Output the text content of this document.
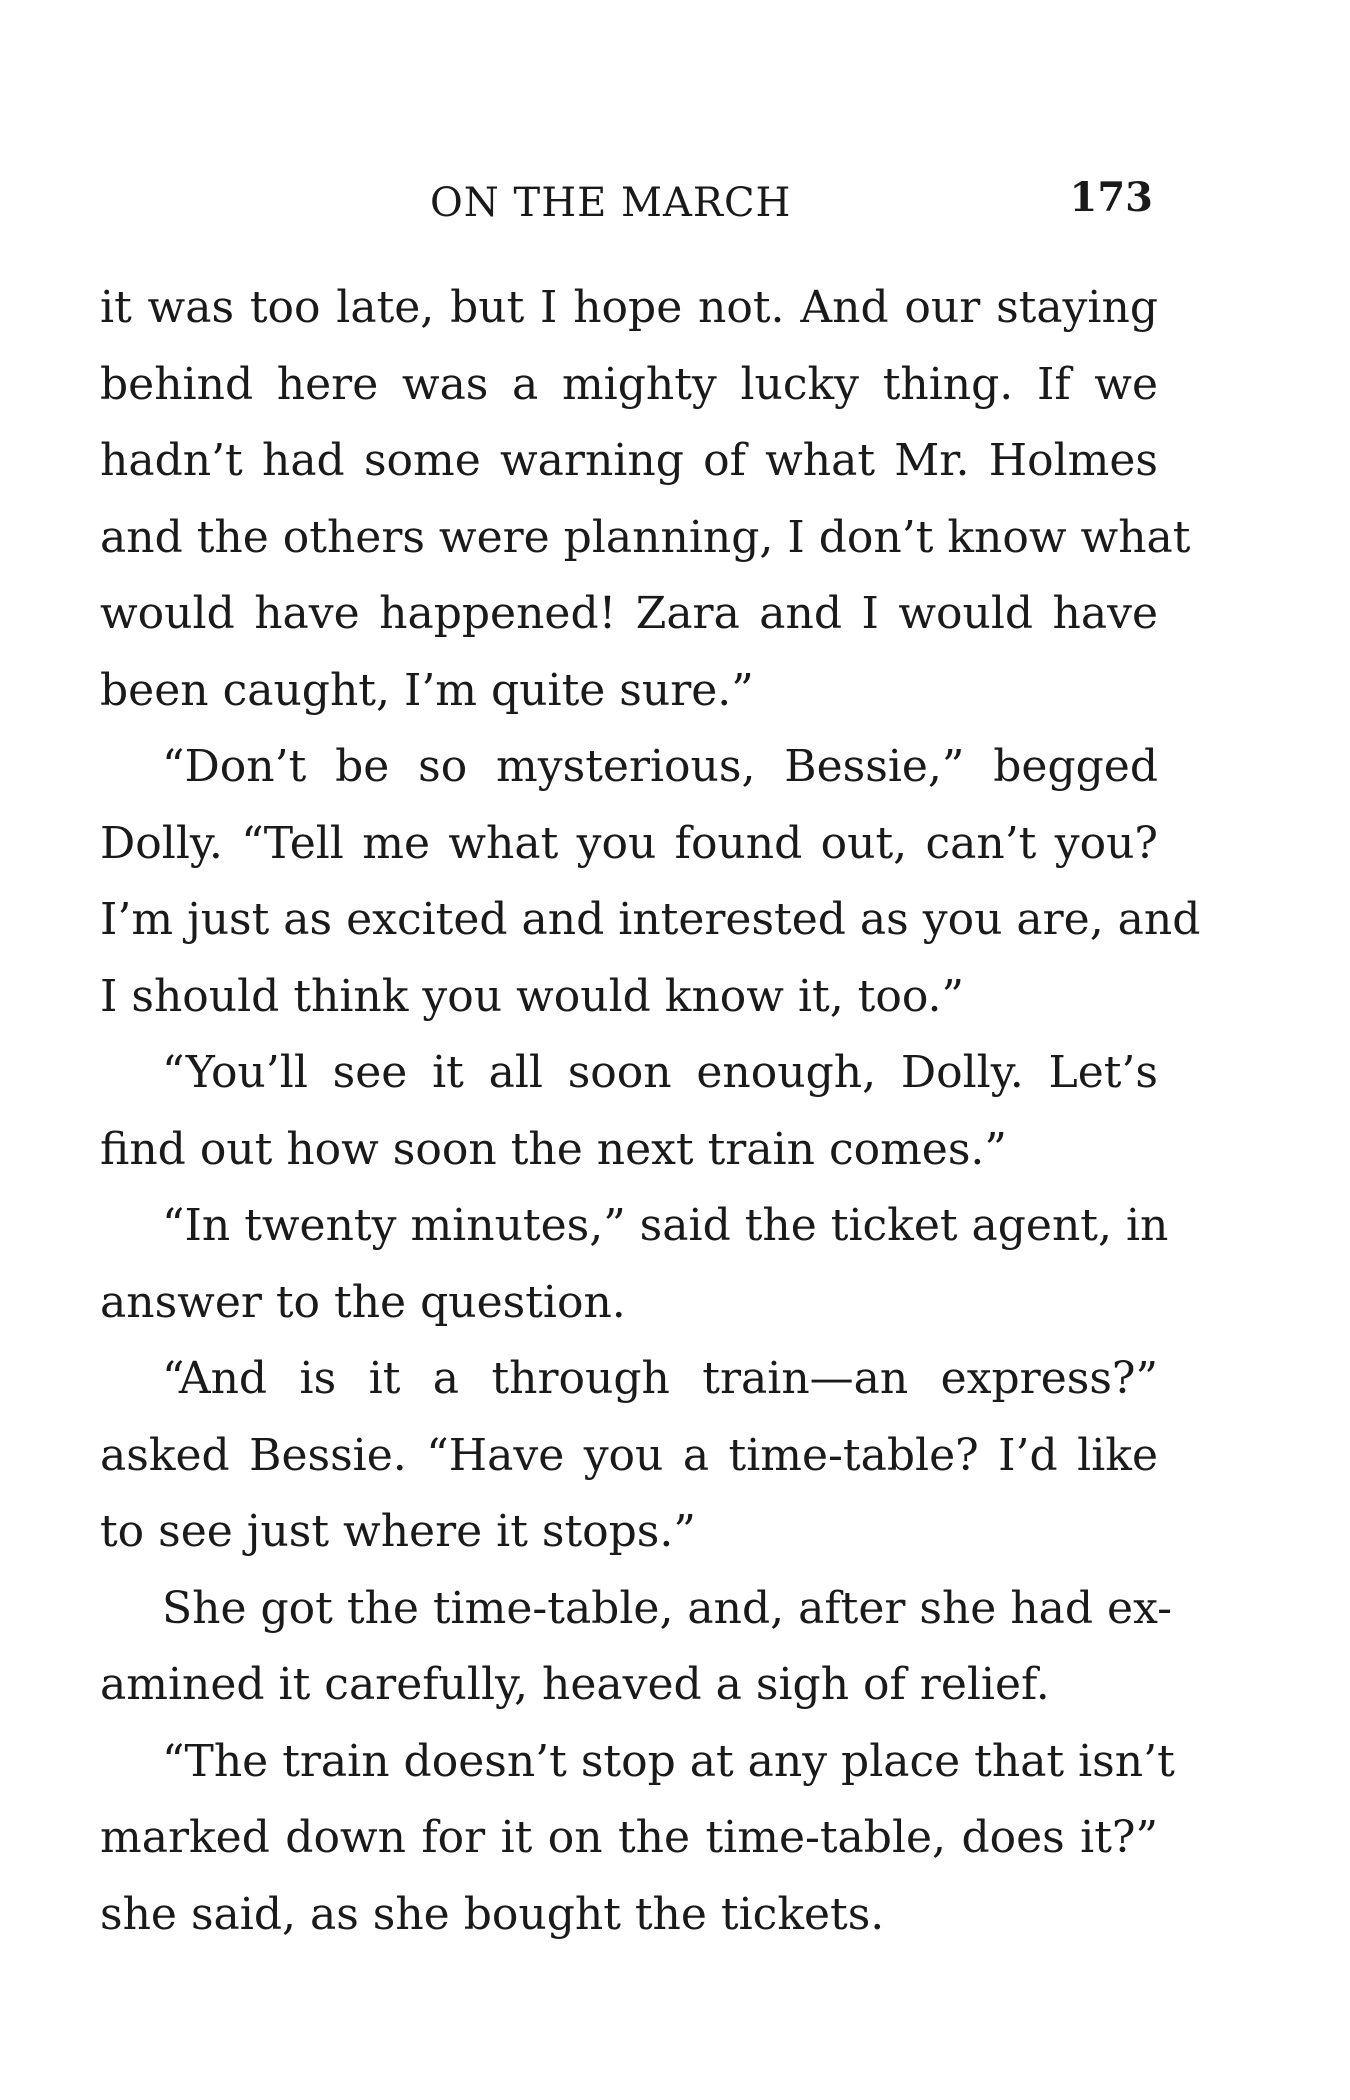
ON THE MARCH	173
it was too late, but I hope not. And our staying
behind here was a mighty lucky thing. If we
hadn’t had some warning of what Mr. Holmes
and the others were planning, I don’t know what
would have happened! Zara and I would have
been caught, I’m quite sure.”
“Don’t be so mysterious, Bessie,” begged
Dolly. “Tell me what you found out, can’t you?
I’m just as excited and interested as you are, and
I should think you would know it, too.”
“You’ll see it all soon enough, Dolly. Let’s
find out how soon the next train comes.”
“In twenty minutes,” said the ticket agent, in
answer to the question.
“And is it a through train—an express?”
asked Bessie. “Have you a time-table? I’d like
to see just where it stops.”
She got the time-table, and, after she had ex-
amined it carefully, heaved a sigh of relief.
“The train doesn’t stop at any place that isn’t
marked down for it on the time-table, does it?”
she said, as she bought the tickets.
